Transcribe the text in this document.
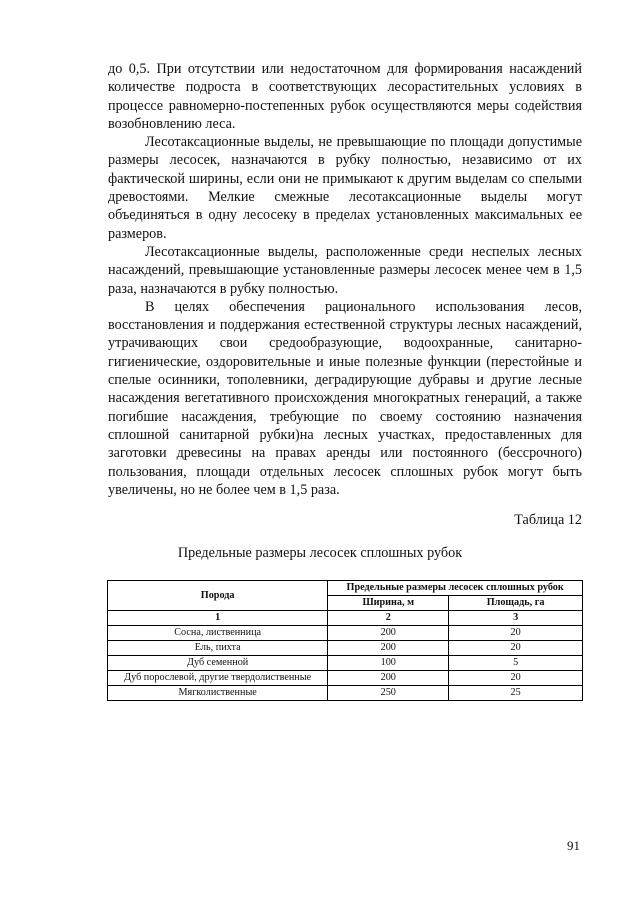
до 0,5. При отсутствии или недостаточном для формирования насаждений количестве подроста в соответствующих лесорастительных условиях в процессе равномерно-постепенных рубок осуществляются меры содействия возобновлению леса.

Лесотаксационные выделы, не превышающие по площади допустимые размеры лесосек, назначаются в рубку полностью, независимо от их фактической ширины, если они не примыкают к другим выделам со спелыми древостоями. Мелкие смежные лесотаксационные выделы могут объединяться в одну лесосеку в пределах установленных максимальных ее размеров.

Лесотаксационные выделы, расположенные среди неспелых лесных насаждений, превышающие установленные размеры лесосек менее чем в 1,5 раза, назначаются в рубку полностью.

В целях обеспечения рационального использования лесов, восстановления и поддержания естественной структуры лесных насаждений, утрачивающих свои средообразующие, водоохранные, санитарно-гигиенические, оздоровительные и иные полезные функции (перестойные и спелые осинники, тополевники, деградирующие дубравы и другие лесные насаждения вегетативного происхождения многократных генераций, а также погибшие насаждения, требующие по своему состоянию назначения сплошной санитарной рубки)на лесных участках, предоставленных для заготовки древесины на правах аренды или постоянного (бессрочного) пользования, площади отдельных лесосек сплошных рубок могут быть увеличены, но не более чем в 1,5 раза.

Таблица 12
Предельные размеры лесосек сплошных рубок
Порода	Предельные размеры лесосек сплошных рубок	
	Ширина, м	Площадь, га
1	2	3
Сосна, лиственница	200	20
Ель, пихта	200	20
Дуб семенной	100	5
Дуб порослевой, другие твердолиственные	200	20
Мягколиственные	250	25
91
